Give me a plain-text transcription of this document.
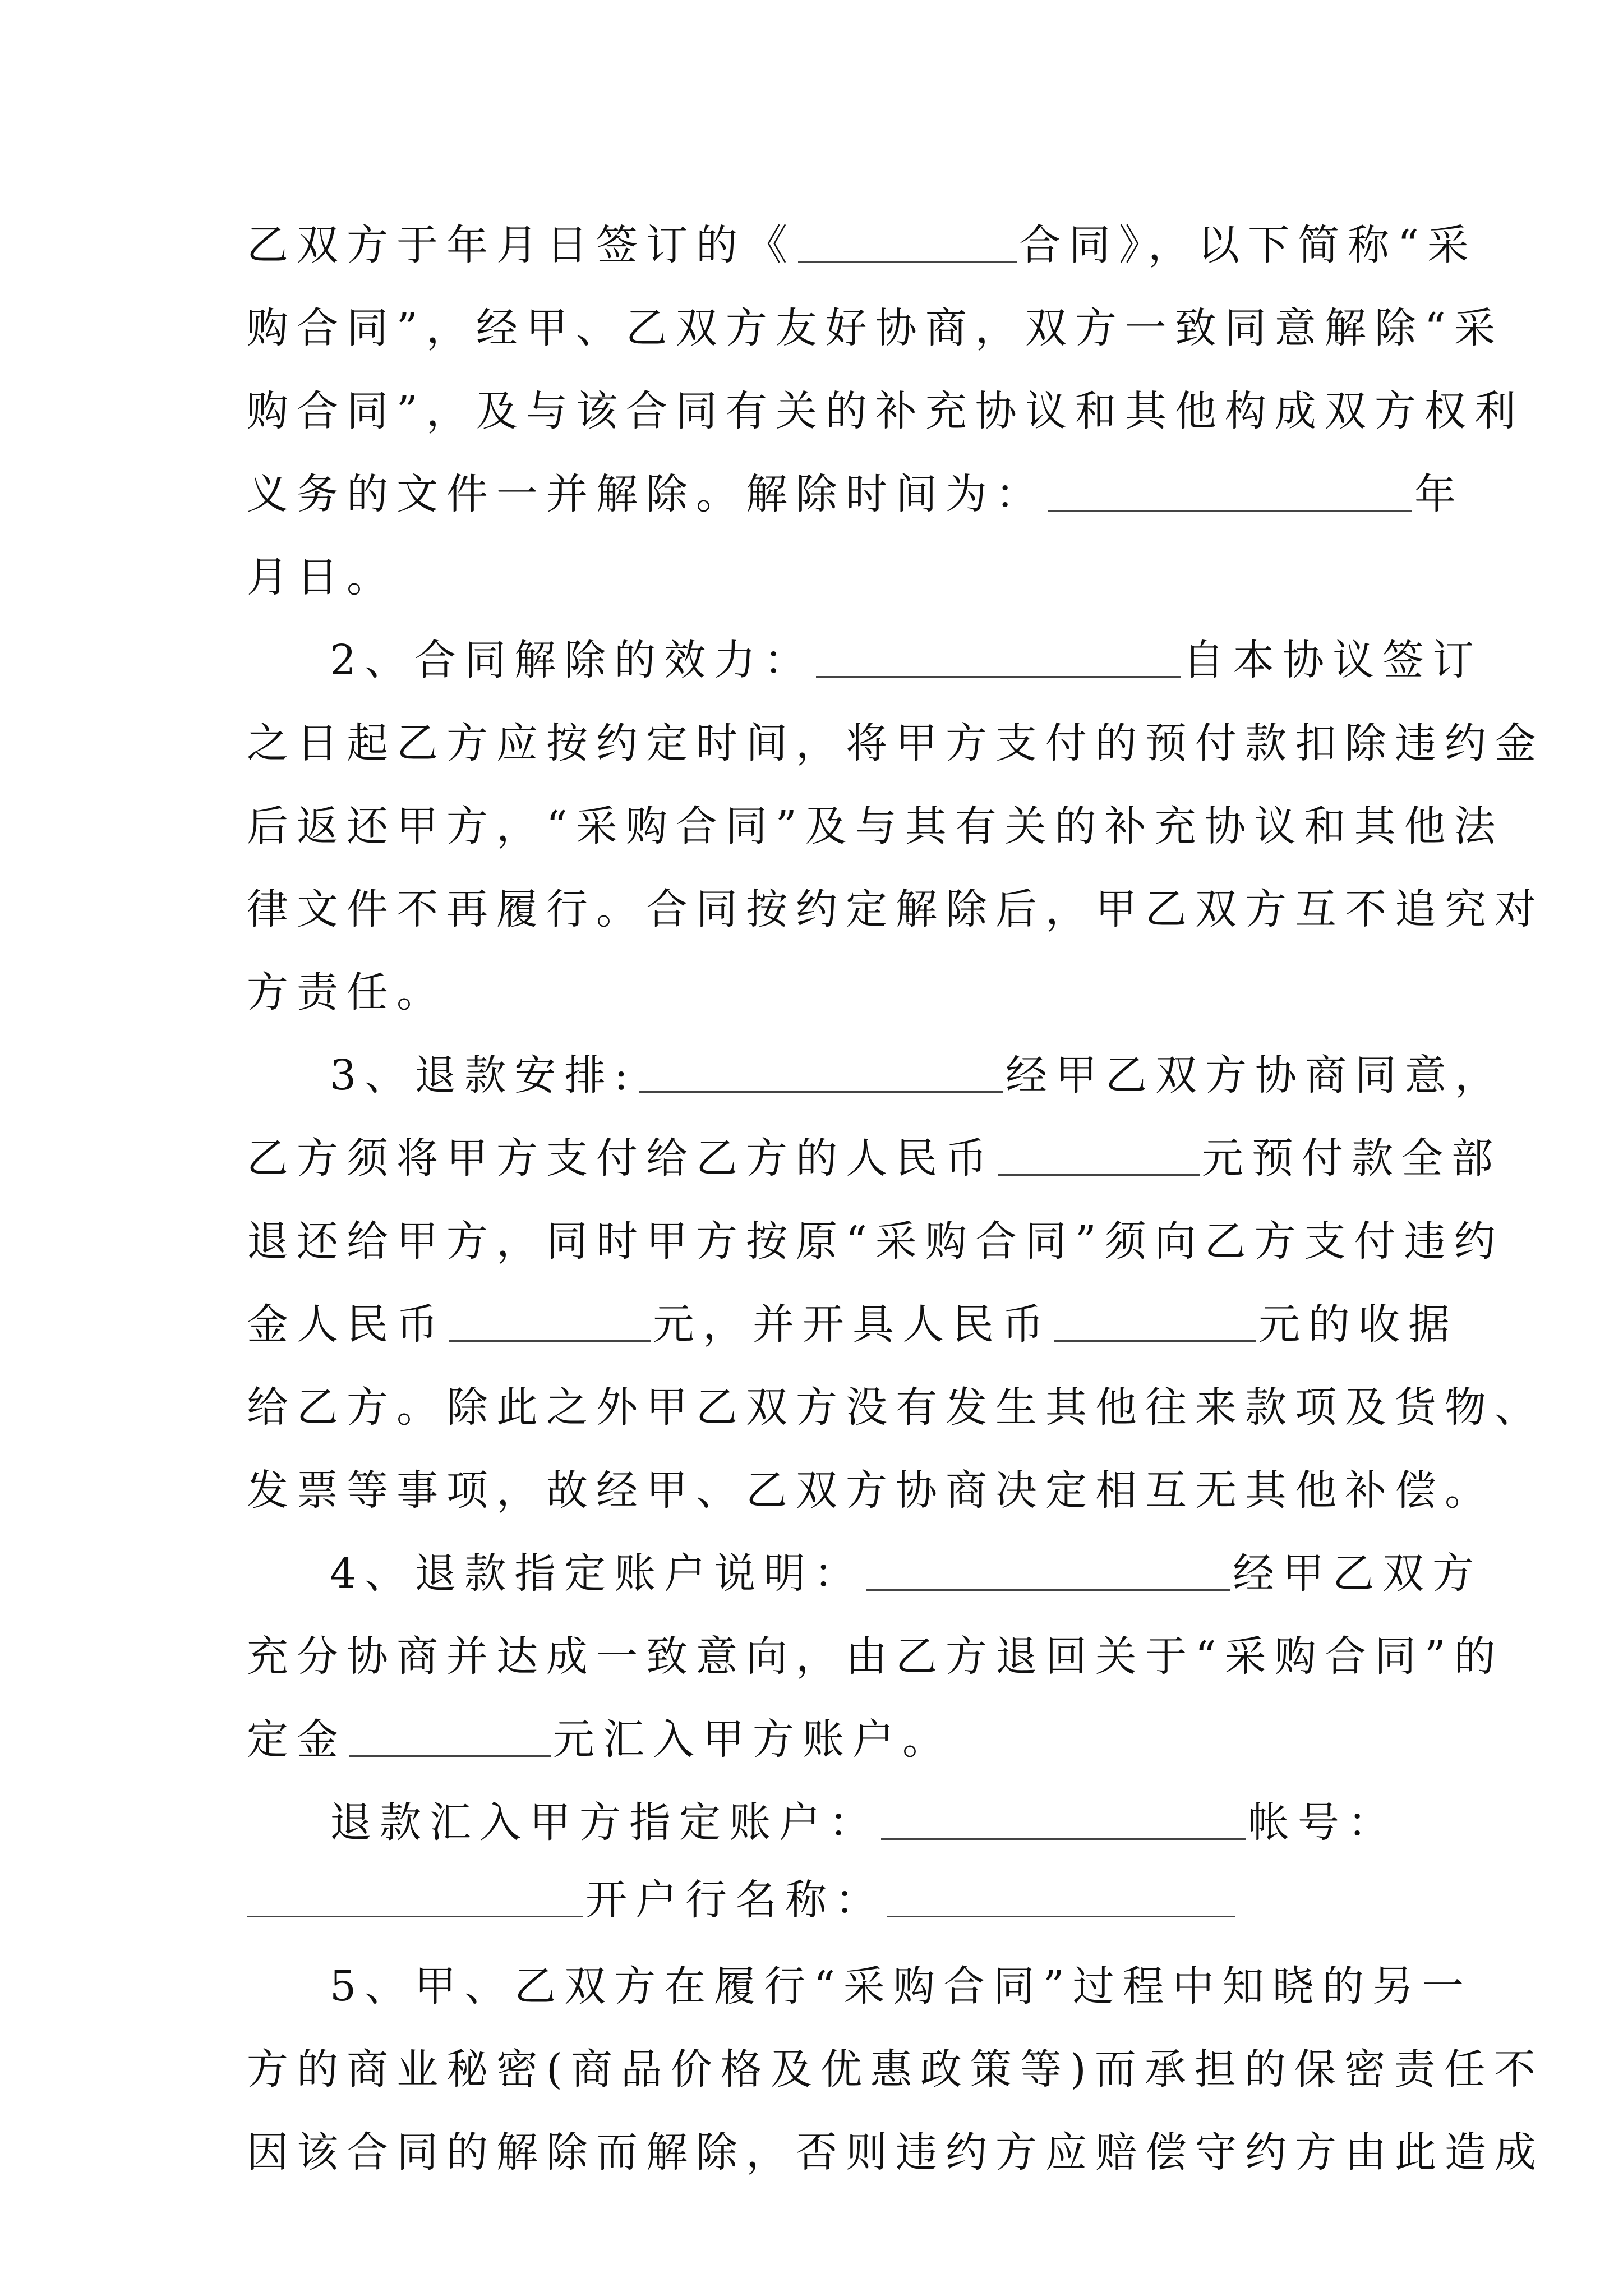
乙双方于年月日签订的《	合同》，以下简称“采
购合同”，经甲、乙双方友好协商，双方一致同意解除“采
购合同”，及与该合同有关的补充协议和其他构成双方权利
义务的文件一并解除。解除时间为：	年
月日。
2、合同解除的效力：	自本协议签订
之日起乙方应按约定时间，将甲方支付的预付款扣除违约金
后返还甲方，“采购合同”及与其有关的补充协议和其他法
律文件不再履行。合同按约定解除后，甲乙双方互不追究对
方责任。
3、退款安排:	经甲乙双方协商同意，
乙方须将甲方支付给乙方的人民币	元预付款全部
退还给甲方，同时甲方按原“采购合同”须向乙方支付违约
金人民币	元，并开具人民币	元的收据
给乙方。除此之外甲乙双方没有发生其他往来款项及货物、
发票等事项，故经甲、乙双方协商决定相互无其他补偿。
4、退款指定账户说明：	经甲乙双方
充分协商并达成一致意向，由乙方退回关于“采购合同”的
定金	元汇入甲方账户。
退款汇入甲方指定账户：	帐号：
开户行名称：
5、甲、乙双方在履行“采购合同”过程中知晓的另一
方的商业秘密(商品价格及优惠政策等)而承担的保密责任不
因该合同的解除而解除，否则违约方应赔偿守约方由此造成
